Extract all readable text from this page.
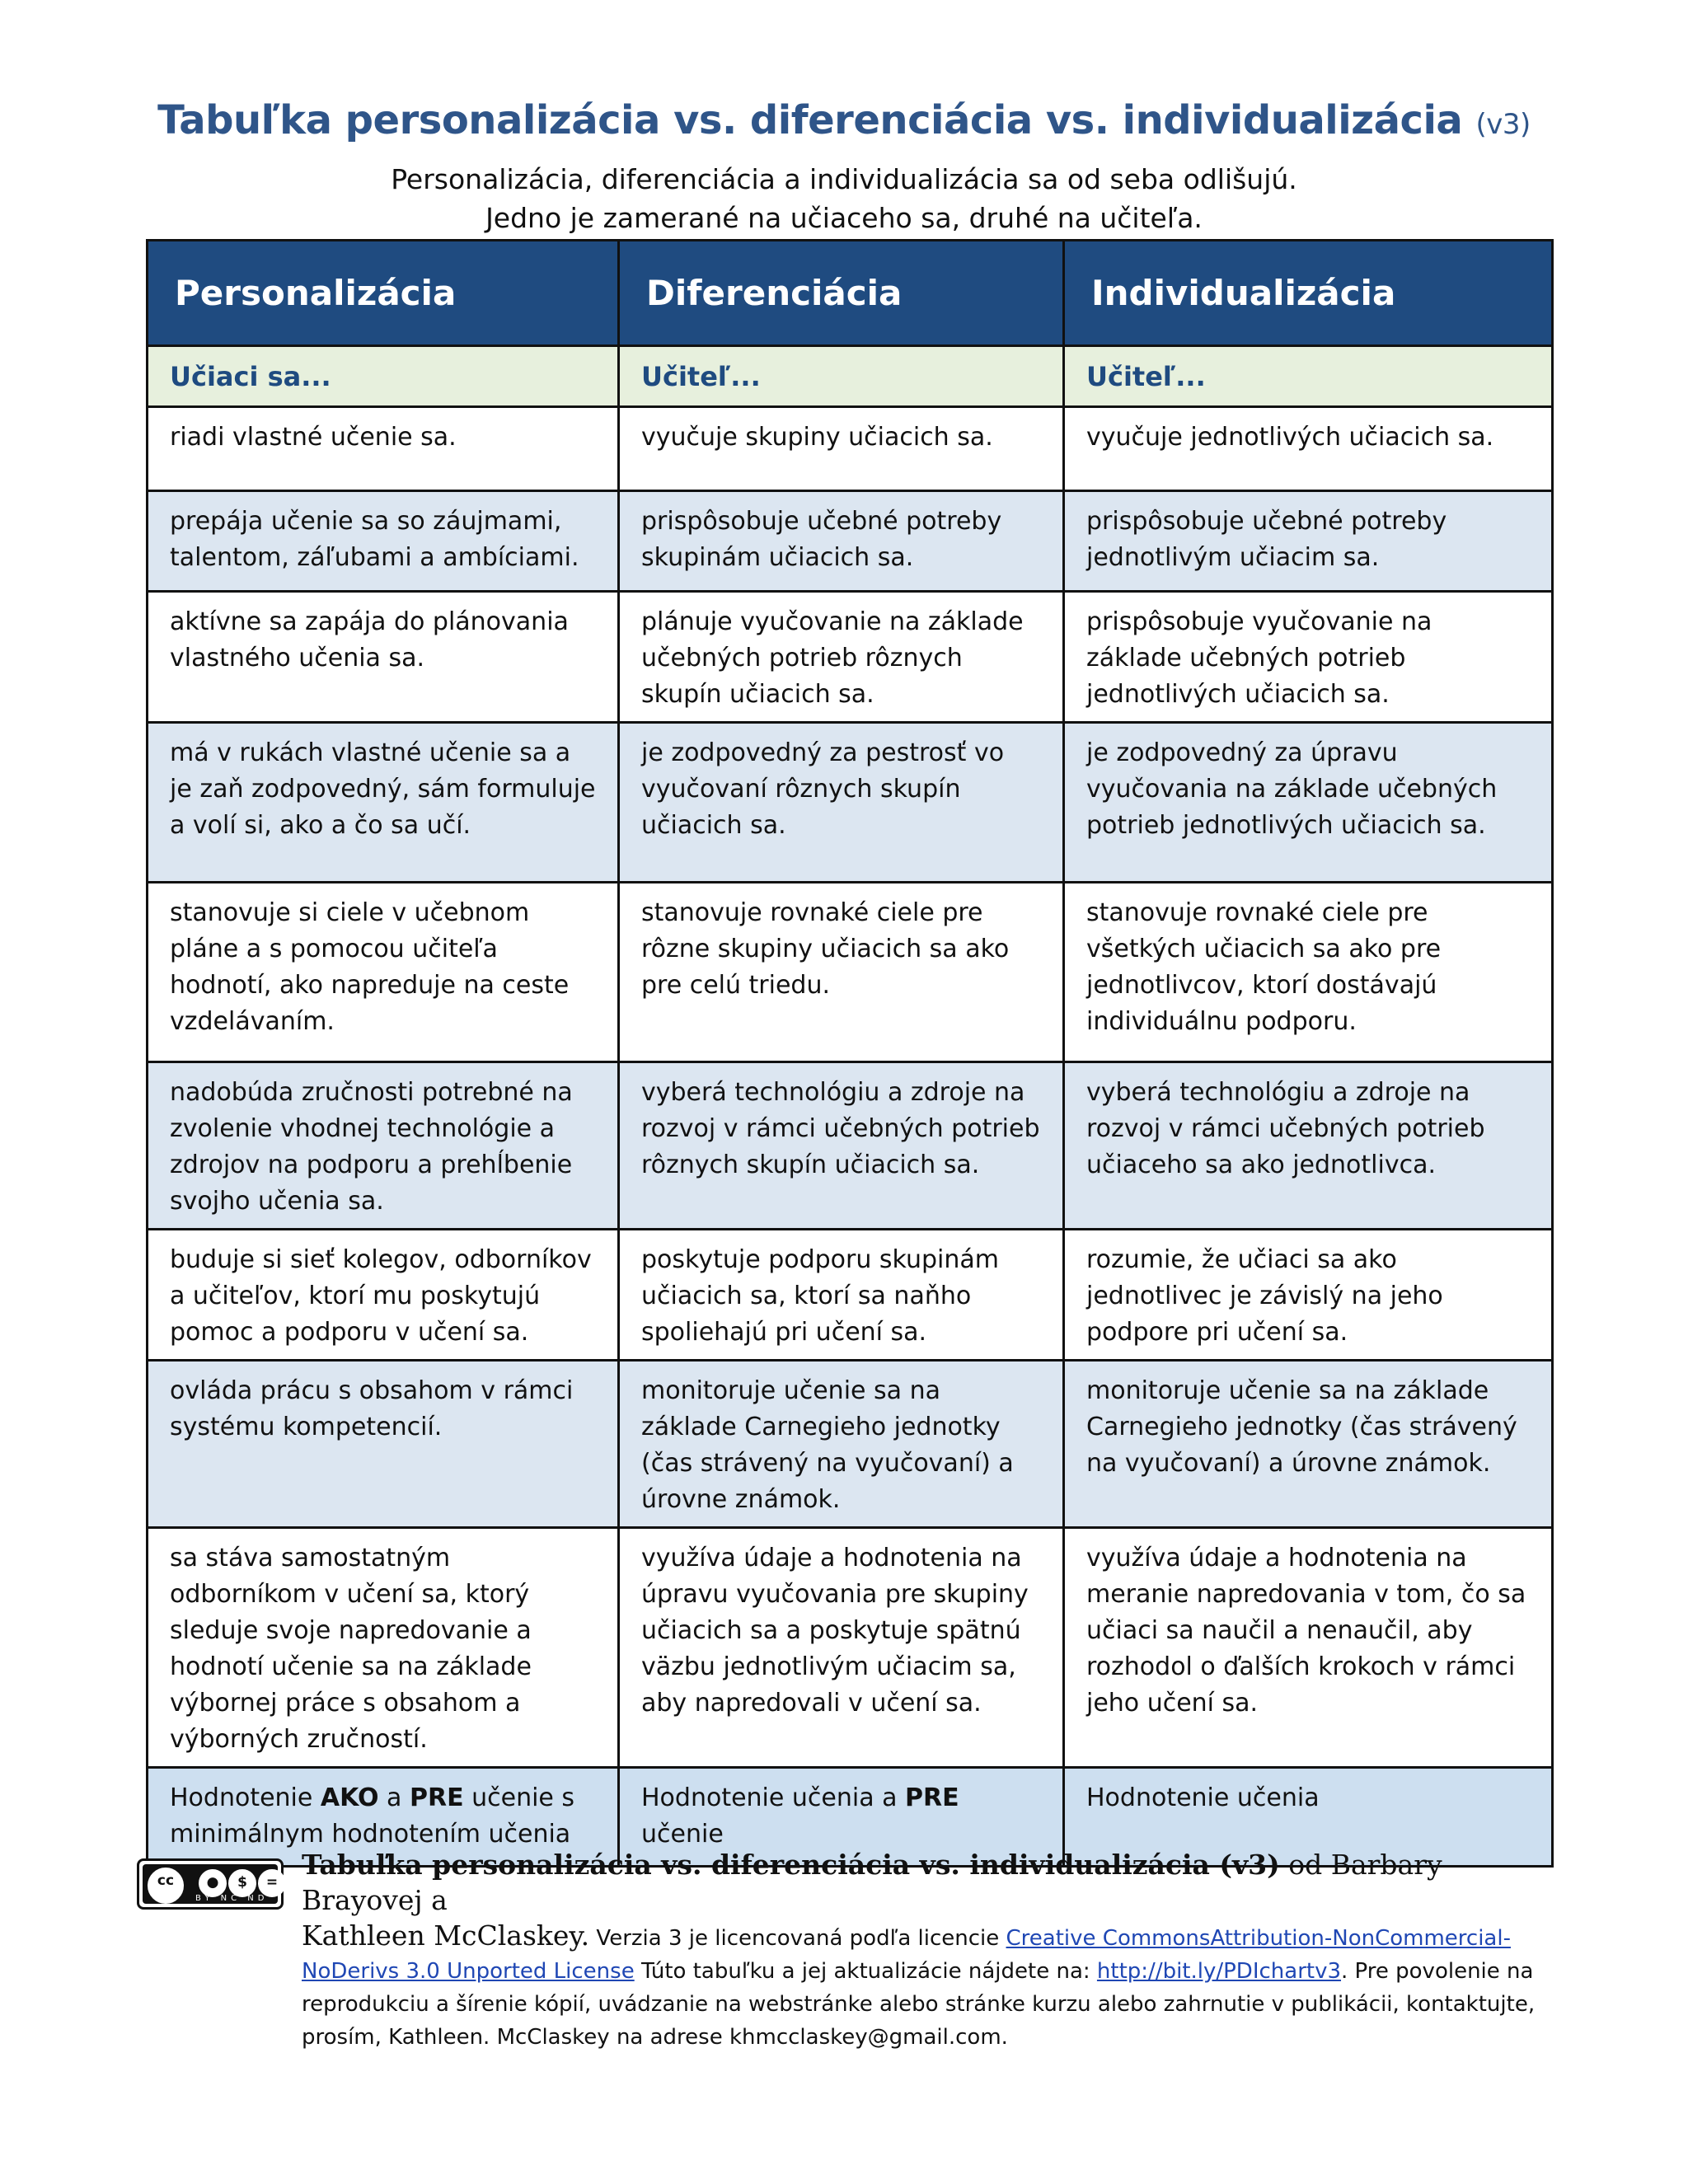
Tabuľka personalizácia vs. diferenciácia vs. individualizácia (v3)

Personalizácia, diferenciácia a individualizácia sa od seba odlišujú.

Jedno je zamerané na učiaceho sa, druhé na učiteľa.

Personalizácia	Diferenciácia	Individualizácia
Učiaci sa...	Učiteľ...	Učiteľ...
riadi vlastné učenie sa.	vyučuje skupiny učiacich sa.	vyučuje jednotlivých učiacich sa.
prepája učenie sa so záujmami, talentom, záľubami a ambíciami.	prispôsobuje učebné potreby skupinám učiacich sa.	prispôsobuje učebné potreby jednotlivým učiacim sa.
aktívne sa zapája do plánovania vlastného učenia sa.	plánuje vyučovanie na základe učebných potrieb rôznych skupín učiacich sa.	prispôsobuje vyučovanie na základe učebných potrieb jednotlivých učiacich sa.
má v rukách vlastné učenie sa a je zaň zodpovedný, sám formuluje a volí si, ako a čo sa učí.	je zodpovedný za pestrosť vo vyučovaní rôznych skupín učiacich sa.	je zodpovedný za úpravu vyučovania na základe učebných potrieb jednotlivých učiacich sa.
stanovuje si ciele v učebnom pláne a s pomocou učiteľa hodnotí, ako napreduje na ceste vzdelávaním.	stanovuje rovnaké ciele pre rôzne skupiny učiacich sa ako pre celú triedu.	stanovuje rovnaké ciele pre všetkých učiacich sa ako pre jednotlivcov, ktorí dostávajú individuálnu podporu.
nadobúda zručnosti potrebné na zvolenie vhodnej technológie a zdrojov na podporu a prehĺbenie svojho učenia sa.	vyberá technológiu a zdroje na rozvoj v rámci učebných potrieb rôznych skupín učiacich sa.	vyberá technológiu a zdroje na rozvoj v rámci učebných potrieb učiaceho sa ako jednotlivca.
buduje si sieť kolegov, odborníkov a učiteľov, ktorí mu poskytujú pomoc a podporu v učení sa.	poskytuje podporu skupinám učiacich sa, ktorí sa naňho spoliehajú pri učení sa.	rozumie, že učiaci sa ako jednotlivec je závislý na jeho podpore pri učení sa.
ovláda prácu s obsahom v rámci systému kompetencií.	monitoruje učenie sa na základe Carnegieho jednotky (čas strávený na vyučovaní) a úrovne známok.	monitoruje učenie sa na základe Carnegieho jednotky (čas strávený na vyučovaní) a úrovne známok.
sa stáva samostatným odborníkom v učení sa, ktorý sleduje svoje napredovanie a hodnotí učenie sa na základe výbornej práce s obsahom a výborných zručností.	využíva údaje a hodnotenia na úpravu vyučovania pre skupiny učiacich sa a poskytuje spätnú väzbu jednotlivým učiacim sa, aby napredovali v učení sa.	využíva údaje a hodnotenia na meranie napredovania v tom, čo sa učiaci sa naučil a nenaučil, aby rozhodol o ďalších krokoch v rámci jeho učení sa.
Hodnotenie AKO a PRE učenie s minimálnym hodnotením učenia	Hodnotenie učenia a PRE učenie	Hodnotenie učenia
cc	●	$	=
BY NC ND
Tabuľka personalizácia vs. diferenciácia vs. individualizácia (v3) od Barbary Brayovej a
Kathleen McClaskey. Verzia 3 je licencovaná podľa licencie Creative CommonsAttribution-NonCommercial-NoDerivs 3.0 Unported License Túto tabuľku a jej aktualizácie nájdete na: http://bit.ly/PDIchartv3. Pre povolenie na reprodukciu a šírenie kópií, uvádzanie na webstránke alebo stránke kurzu alebo zahrnutie v publikácii, kontaktujte, prosím, Kathleen. McClaskey na adrese khmcclaskey@gmail.com.
